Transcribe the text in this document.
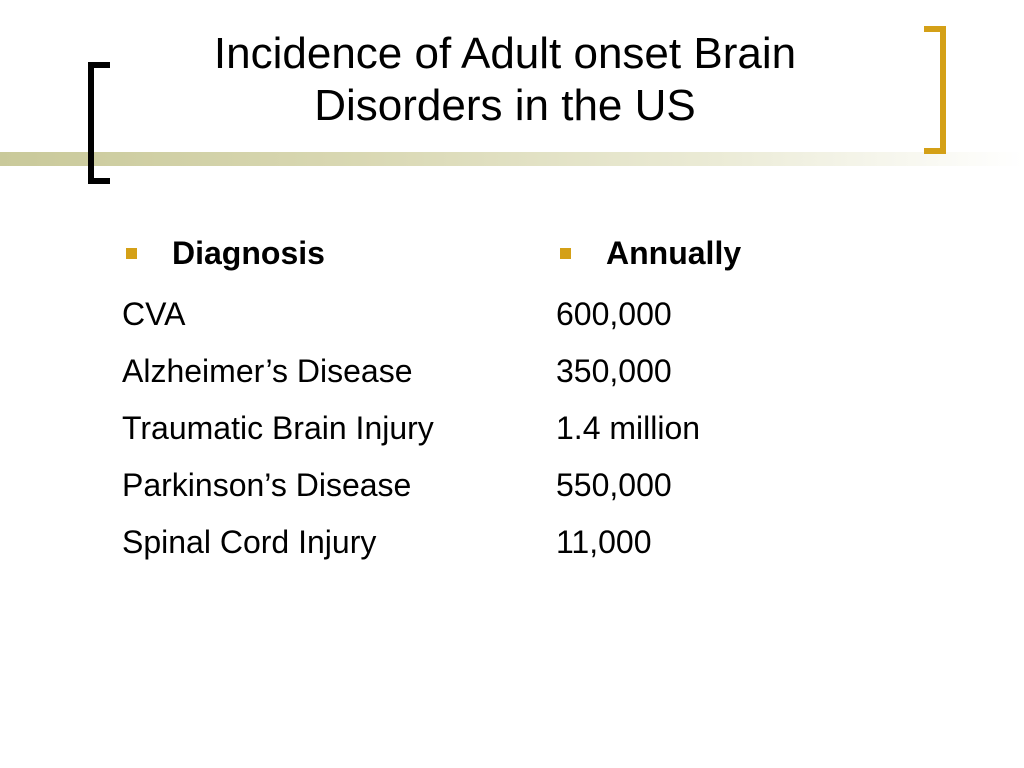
Incidence of Adult onset Brain Disorders in the US
Diagnosis
CVA
Alzheimer’s Disease
Traumatic Brain Injury
Parkinson’s Disease
Spinal Cord Injury
Annually
600,000
350,000
1.4 million
550,000
11,000
